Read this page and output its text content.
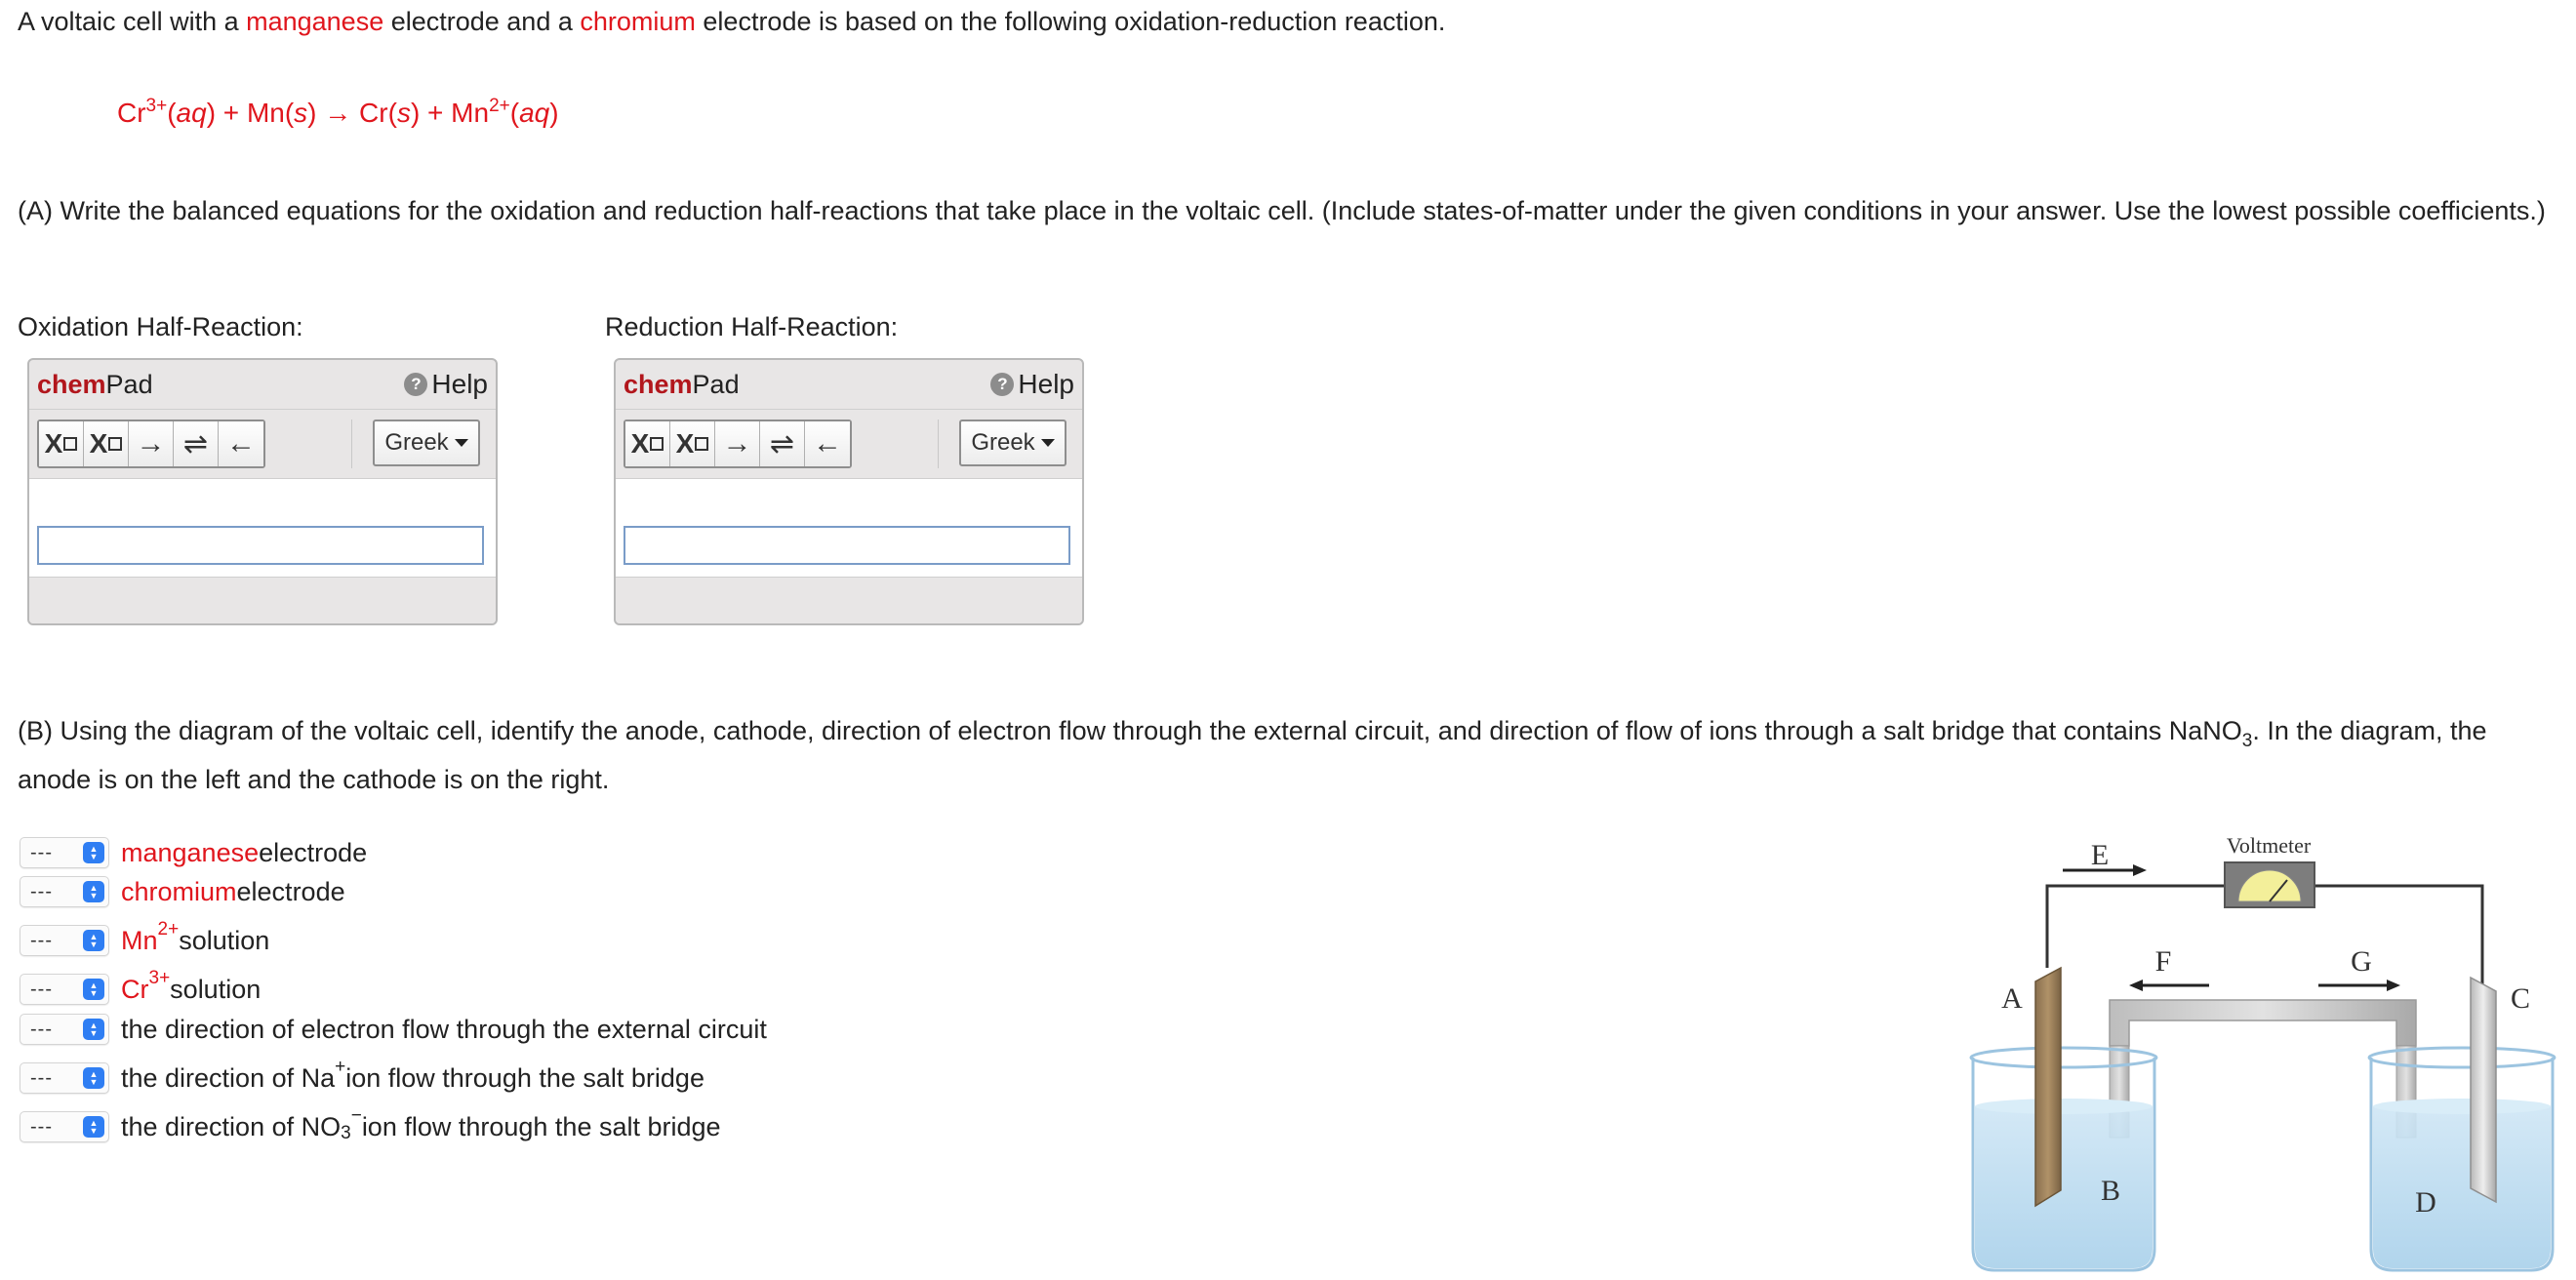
A voltaic cell with a manganese electrode and a chromium electrode is based on the following oxidation-reduction reaction.
$Cr^{3+}(aq) + Mn(s) \to Cr(s) + Mn^{2+}(aq)$
(A) Write the balanced equations for the oxidation and reduction half-reactions that take place in the voltaic cell. (Include states-of-matter under the given conditions in your answer. Use the lowest possible coefficients.)
Oxidation Half-Reaction:	Reduction Half-Reaction:
chemPad	? Help
X X → ⇌ ←	Greek
chemPad	? Help
X X → ⇌ ←	Greek
(B) Using the diagram of the voltaic cell, identify the anode, cathode, direction of electron flow through the external circuit, and direction of flow of ions through a salt bridge that contains NaNO$_3$. In the diagram, the anode is on the left and the cathode is on the right.
---	▲
▼ manganese electrode
---	▲
▼ chromium electrode
---	▲
▼ $Mn^{2+}$ solution
---	▲
▼ $Cr^{3+}$ solution
---	▲
▼ the direction of electron flow through the external circuit
---	▲
▼ the direction of Na+ ion flow through the salt bridge
---	▲
▼ the direction of $NO_3$
− ion flow through the salt bridge
Voltmeter
E
F	G
A	C
B	D
